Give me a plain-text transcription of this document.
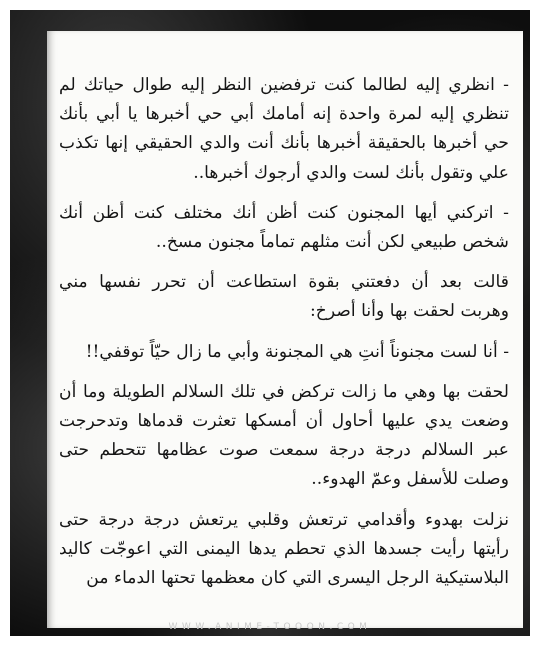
- انظري إليه لطالما كنت ترفضين النظر إليه طوال حياتك لم تنظري إليه لمرة واحدة إنه أمامك أبي حي أخبرها يا أبي بأنك حي أخبرها بالحقيقة أخبرها بأنك أنت والدي الحقيقي إنها تكذب علي وتقول بأنك لست والدي أرجوك أخبرها..

- اتركني أيها المجنون كنت أظن أنك مختلف كنت أظن أنك شخص طبيعي لكن أنت مثلهم تماماً مجنون مسخ..

قالت بعد أن دفعتني بقوة استطاعت أن تحرر نفسها مني وهربت لحقت بها وأنا أصرخ:

- أنا لست مجنوناً أنتِ هي المجنونة وأبي ما زال حيّاً توقفي!!

لحقت بها وهي ما زالت تركض في تلك السلالم الطويلة وما أن وضعت يدي عليها أحاول أن أمسكها تعثرت قدماها وتدحرجت عبر السلالم درجة درجة سمعت صوت عظامها تتحطم حتى وصلت للأسفل وعمّ الهدوء..

نزلت بهدوء وأقدامي ترتعش وقلبي يرتعش درجة درجة حتى رأيتها رأيت جسدها الذي تحطم يدها اليمنى التي اعوجّت كاليد البلاستيكية الرجل اليسرى التي كان معظمها تحتها الدماء من

WWW.ANIME-TOOON.COM
